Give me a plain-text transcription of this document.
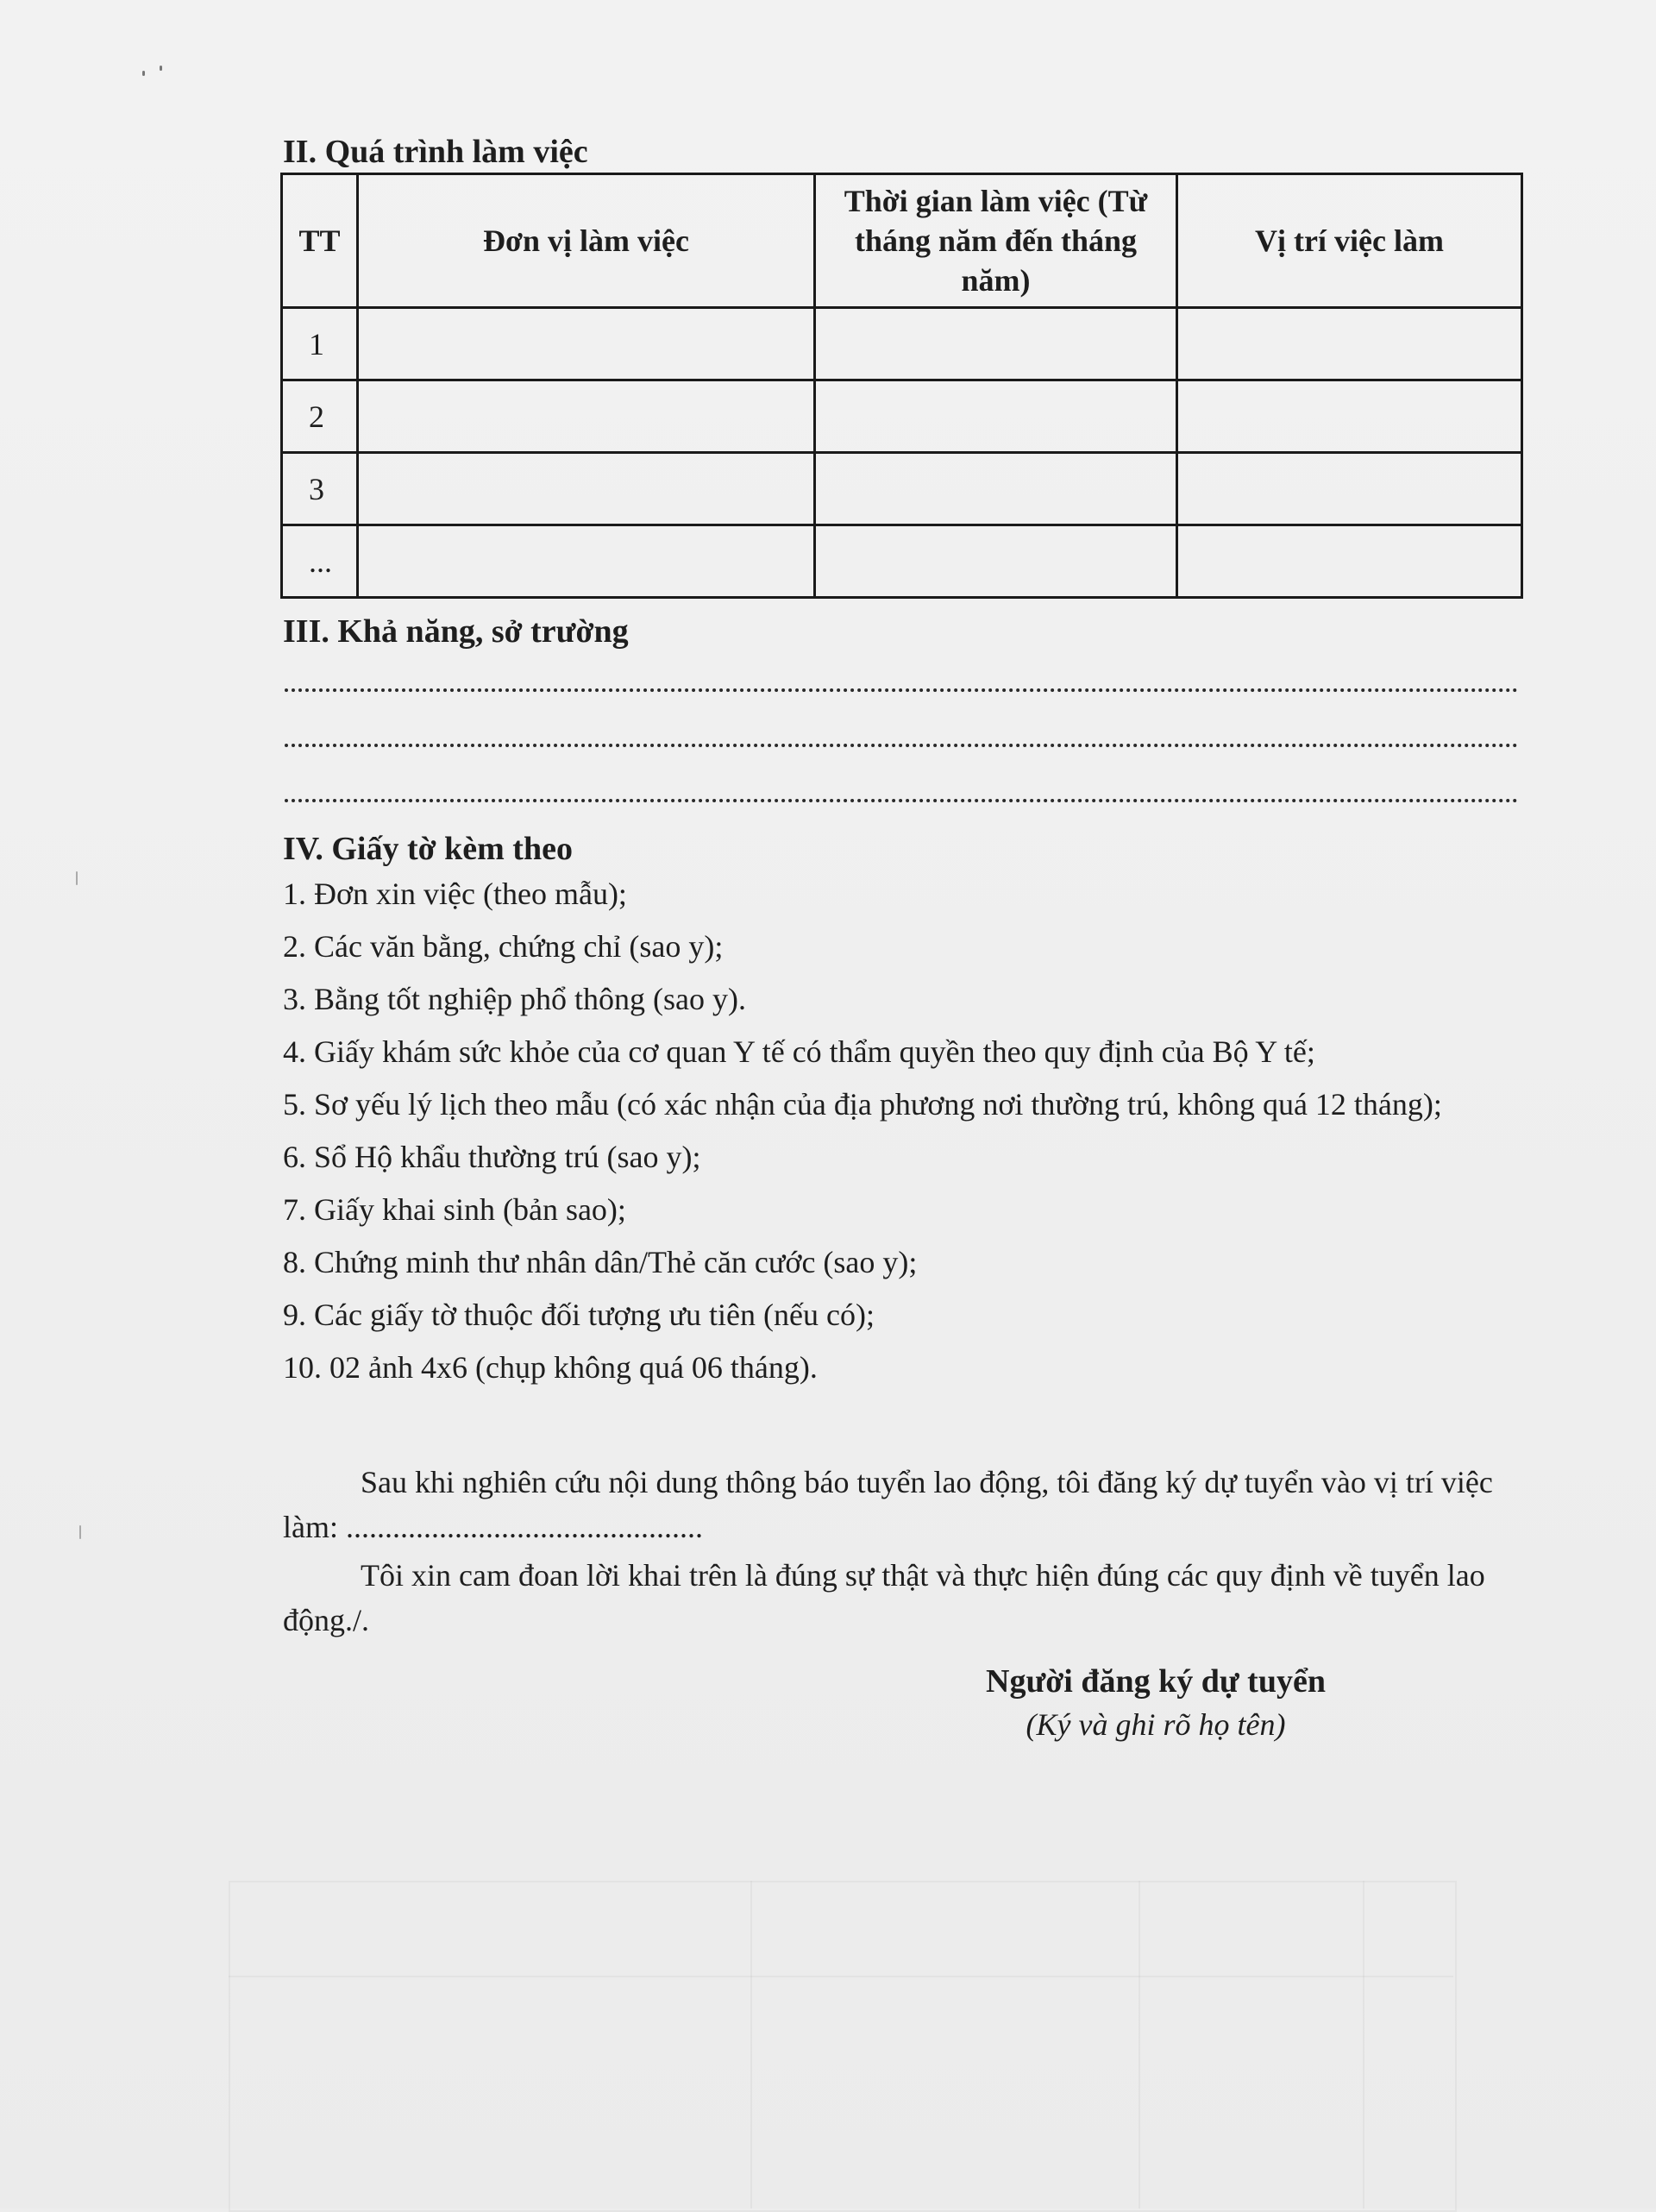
II. Quá trình làm việc
TT	Đơn vị làm việc	Thời gian làm việc (Từ tháng năm đến tháng năm)	Vị trí việc làm
1			
2			
3			
...			
III. Khả năng, sở trường
IV. Giấy tờ kèm theo
1. Đơn xin việc (theo mẫu);
2. Các văn bằng, chứng chỉ (sao y);
3. Bằng tốt nghiệp phổ thông (sao y).
4. Giấy khám sức khỏe của cơ quan Y tế có thẩm quyền theo quy định của Bộ Y tế;
5. Sơ yếu lý lịch theo mẫu (có xác nhận của địa phương nơi thường trú, không quá 12 tháng);
6. Sổ Hộ khẩu thường trú (sao y);
7. Giấy khai sinh (bản sao);
8. Chứng minh thư nhân dân/Thẻ căn cước (sao y);
9. Các giấy tờ thuộc đối tượng ưu tiên (nếu có);
10. 02 ảnh 4x6 (chụp không quá 06 tháng).
Sau khi nghiên cứu nội dung thông báo tuyển lao động, tôi đăng ký dự tuyển vào vị trí việc làm: ..............................................
Tôi xin cam đoan lời khai trên là đúng sự thật và thực hiện đúng các quy định về tuyển lao động./.
Người đăng ký dự tuyển
(Ký và ghi rõ họ tên)
